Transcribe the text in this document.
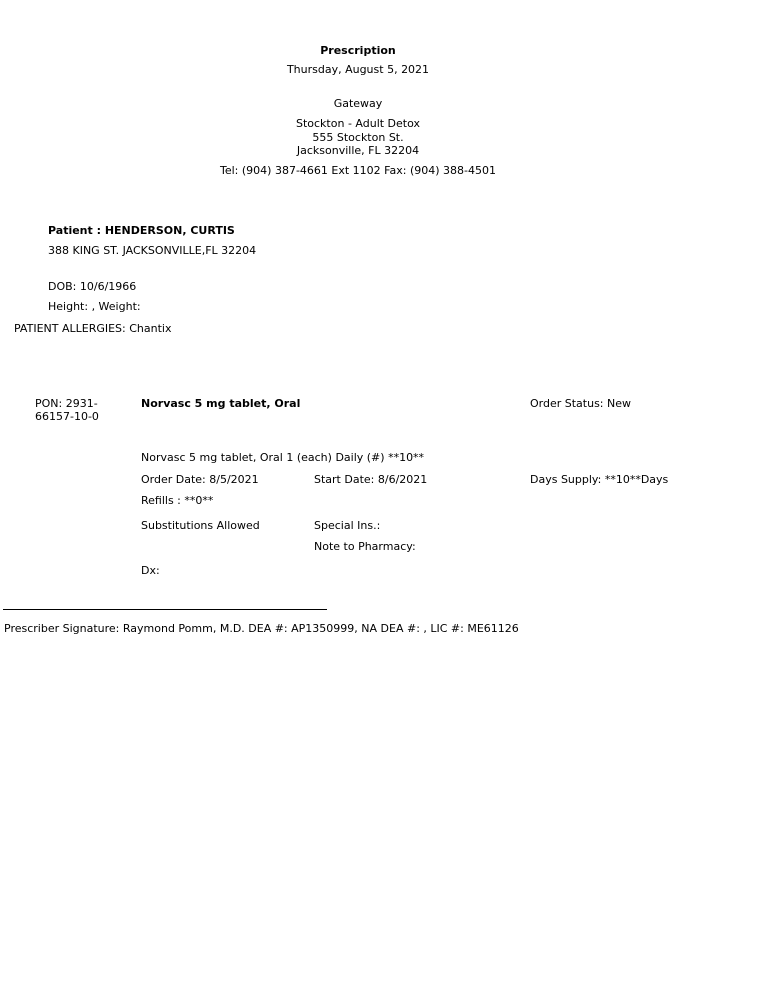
Prescription
Thursday, August 5, 2021
Gateway
Stockton - Adult Detox
555 Stockton St.
Jacksonville, FL 32204
Tel: (904) 387-4661 Ext 1102 Fax: (904) 388-4501
Patient : HENDERSON, CURTIS
388 KING ST. JACKSONVILLE,FL 32204
DOB: 10/6/1966
Height: , Weight:
PATIENT ALLERGIES: Chantix
PON: 2931-66157-10-0
Norvasc 5 mg tablet, Oral	Order Status: New
Norvasc 5 mg tablet, Oral 1 (each) Daily (#) **10**
Order Date: 8/5/2021	Start Date: 8/6/2021	Days Supply: **10**Days
Refills : **0**
Substitutions Allowed	Special Ins.:
Note to Pharmacy:
Dx:
Prescriber Signature: Raymond Pomm, M.D. DEA #: AP1350999, NA DEA #: , LIC #: ME61126
